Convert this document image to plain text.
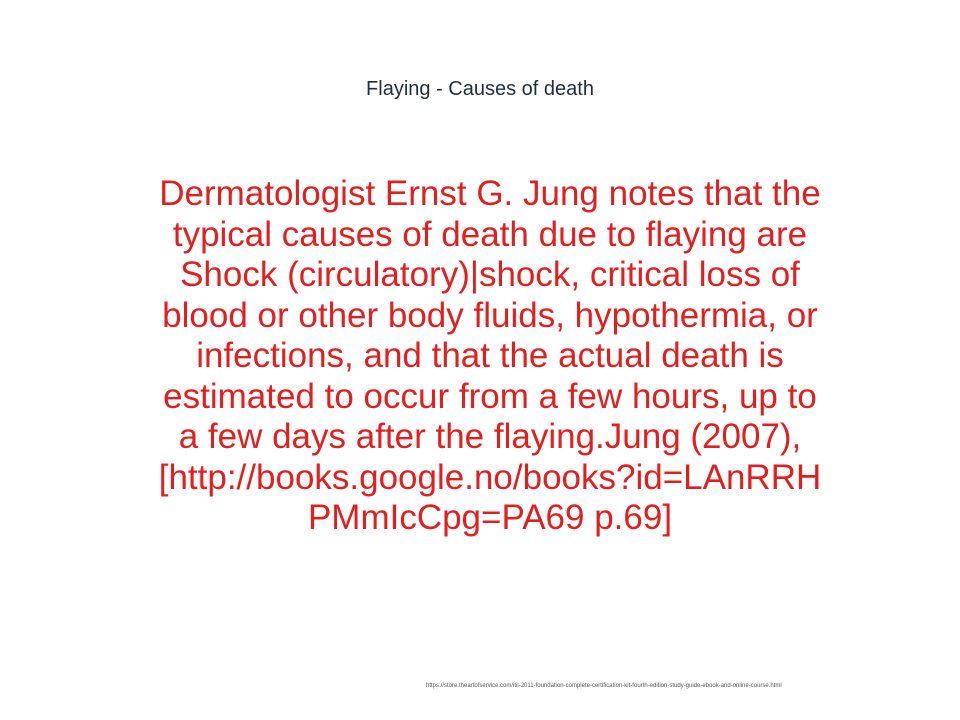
Flaying - Causes of death
Dermatologist Ernst G. Jung notes that the
typical causes of death due to flaying are
Shock (circulatory)|shock, critical loss of
blood or other body fluids, hypothermia, or
infections, and that the actual death is
estimated to occur from a few hours, up to
a few days after the flaying.Jung (2007),
[http://books.google.no/books?id=LAnRRH
PMmIcCpg=PA69 p.69]
https://store.theartofservice.com/itil-2011-foundation-complete-certification-kit-fourth-edition-study-guide-ebook-and-online-course.html
